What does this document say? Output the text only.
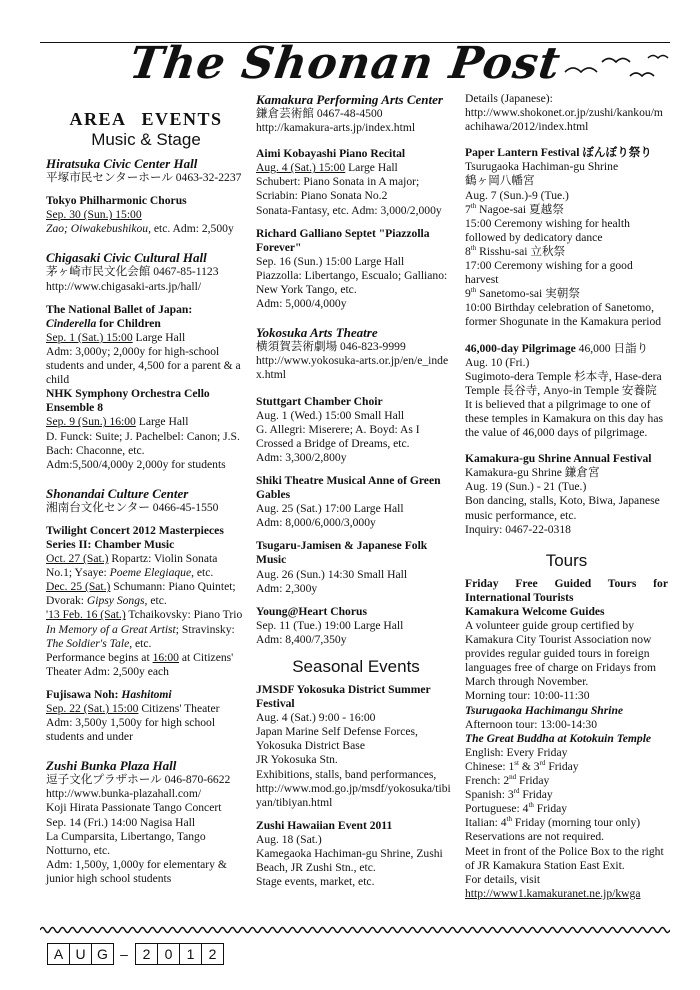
The Shonan Post
AREA EVENTS
Music & Stage
Hiratsuka Civic Center Hall
平塚市民センターホール 0463-32-2237
Tokyo Philharmonic Chorus
Sep. 30 (Sun.) 15:00
Zao; Oiwakebushikou, etc. Adm: 2,500y
Chigasaki Civic Cultural Hall
茅ヶ崎市民文化会館 0467-85-1123
http://www.chigasaki-arts.jp/hall/
The National Ballet of Japan:
Cinderella for Children
Sep. 1 (Sat.) 15:00 Large Hall
Adm: 3,000y; 2,000y for high-school students and under, 4,500 for a parent & a child
NHK Symphony Orchestra Cello Ensemble 8
Sep. 9 (Sun.) 16:00 Large Hall
D. Funck: Suite; J. Pachelbel: Canon; J.S. Bach: Chaconne, etc.
Adm:5,500/4,000y 2,000y for students
Shonandai Culture Center
湘南台文化センター 0466-45-1550
Twilight Concert 2012 Masterpieces Series II: Chamber Music
Oct. 27 (Sat.) Ropartz: Violin Sonata No.1; Ysaye: Poeme Elegiaque, etc.
Dec. 25 (Sat.) Schumann: Piano Quintet; Dvorak: Gipsy Songs, etc.
'13 Feb. 16 (Sat.) Tchaikovsky: Piano Trio In Memory of a Great Artist; Stravinsky: The Soldier's Tale, etc.
Performance begins at 16:00 at Citizens' Theater Adm: 2,500y each
Fujisawa Noh: Hashitomi
Sep. 22 (Sat.) 15:00 Citizens' Theater
Adm: 3,500y 1,500y for high school students and under
Zushi Bunka Plaza Hall
逗子文化プラザホール 046-870-6622
http://www.bunka-plazahall.com/
Koji Hirata Passionate Tango Concert
Sep. 14 (Fri.) 14:00 Nagisa Hall
La Cumparsita, Libertango, Tango Notturno, etc.
Adm: 1,500y, 1,000y for elementary & junior high school students
Kamakura Performing Arts Center
鎌倉芸術館 0467-48-4500
http://kamakura-arts.jp/index.html
Aimi Kobayashi Piano Recital
Aug. 4 (Sat.) 15:00 Large Hall
Schubert: Piano Sonata in A major;
Scriabin: Piano Sonata No.2
Sonata-Fantasy, etc. Adm: 3,000/2,000y
Richard Galliano Septet "Piazzolla Forever"
Sep. 16 (Sun.) 15:00 Large Hall
Piazzolla: Libertango, Escualo; Galliano: New York Tango, etc.
Adm: 5,000/4,000y
Yokosuka Arts Theatre
横須賀芸術劇場 046-823-9999
http://www.yokosuka-arts.or.jp/en/e_index.html
Stuttgart Chamber Choir
Aug. 1 (Wed.) 15:00 Small Hall
G. Allegri: Miserere; A. Boyd: As I Crossed a Bridge of Dreams, etc.
Adm: 3,300/2,800y
Shiki Theatre Musical Anne of Green Gables
Aug. 25 (Sat.) 17:00 Large Hall
Adm: 8,000/6,000/3,000y
Tsugaru-Jamisen & Japanese Folk Music
Aug. 26 (Sun.) 14:30 Small Hall
Adm: 2,300y
Young@Heart Chorus
Sep. 11 (Tue.) 19:00 Large Hall
Adm: 8,400/7,350y
Seasonal Events
JMSDF Yokosuka District Summer Festival
Aug. 4 (Sat.) 9:00 - 16:00
Japan Marine Self Defense Forces, Yokosuka District Base
JR Yokosuka Stn.
Exhibitions, stalls, band performances,
http://www.mod.go.jp/msdf/yokosuka/tibiyan/tibiyan.html
Zushi Hawaiian Event 2011
Aug. 18 (Sat.)
Kamegaoka Hachiman-gu Shrine, Zushi Beach, JR Zushi Stn., etc.
Stage events, market, etc.
Details (Japanese):
http://www.shokonet.or.jp/zushi/kankou/machihawa/2012/index.html
Paper Lantern Festival ぼんぼり祭り
Tsurugaoka Hachiman-gu Shrine
鶴ヶ岡八幡宮
Aug. 7 (Sun.)-9 (Tue.)
7th Nagoe-sai 夏越祭
15:00 Ceremony wishing for health followed by dedicatory dance
8th Risshu-sai 立秋祭
17:00 Ceremony wishing for a good harvest
9th Sanetomo-sai 実朝祭
10:00 Birthday celebration of Sanetomo, former Shogunate in the Kamakura period
46,000-day Pilgrimage 46,000 日詣り
Aug. 10 (Fri.)
Sugimoto-dera Temple 杉本寺, Hase-dera Temple 長谷寺, Anyo-in Temple 安養院
It is believed that a pilgrimage to one of these temples in Kamakura on this day has the value of 46,000 days of pilgrimage.
Kamakura-gu Shrine Annual Festival
Kamakura-gu Shrine 鎌倉宮
Aug. 19 (Sun.) - 21 (Tue.)
Bon dancing, stalls, Koto, Biwa, Japanese music performance, etc.
Inquiry: 0467-22-0318
Tours
Friday Free Guided Tours for International Tourists
Kamakura Welcome Guides
A volunteer guide group certified by Kamakura City Tourist Association now provides regular guided tours in foreign languages free of charge on Fridays from March through November.
Morning tour: 10:00-11:30
Tsurugaoka Hachimangu Shrine
Afternoon tour: 13:00-14:30
The Great Buddha at Kotokuin Temple
English: Every Friday
Chinese: 1st & 3rd Friday
French: 2nd Friday
Spanish: 3rd Friday
Portuguese: 4th Friday
Italian: 4th Friday (morning tour only)
Reservations are not required.
Meet in front of the Police Box to the right of JR Kamakura Station East Exit.
For details, visit
http://www1.kamakuranet.ne.jp/kwga
A U G –	2	0	1	2
